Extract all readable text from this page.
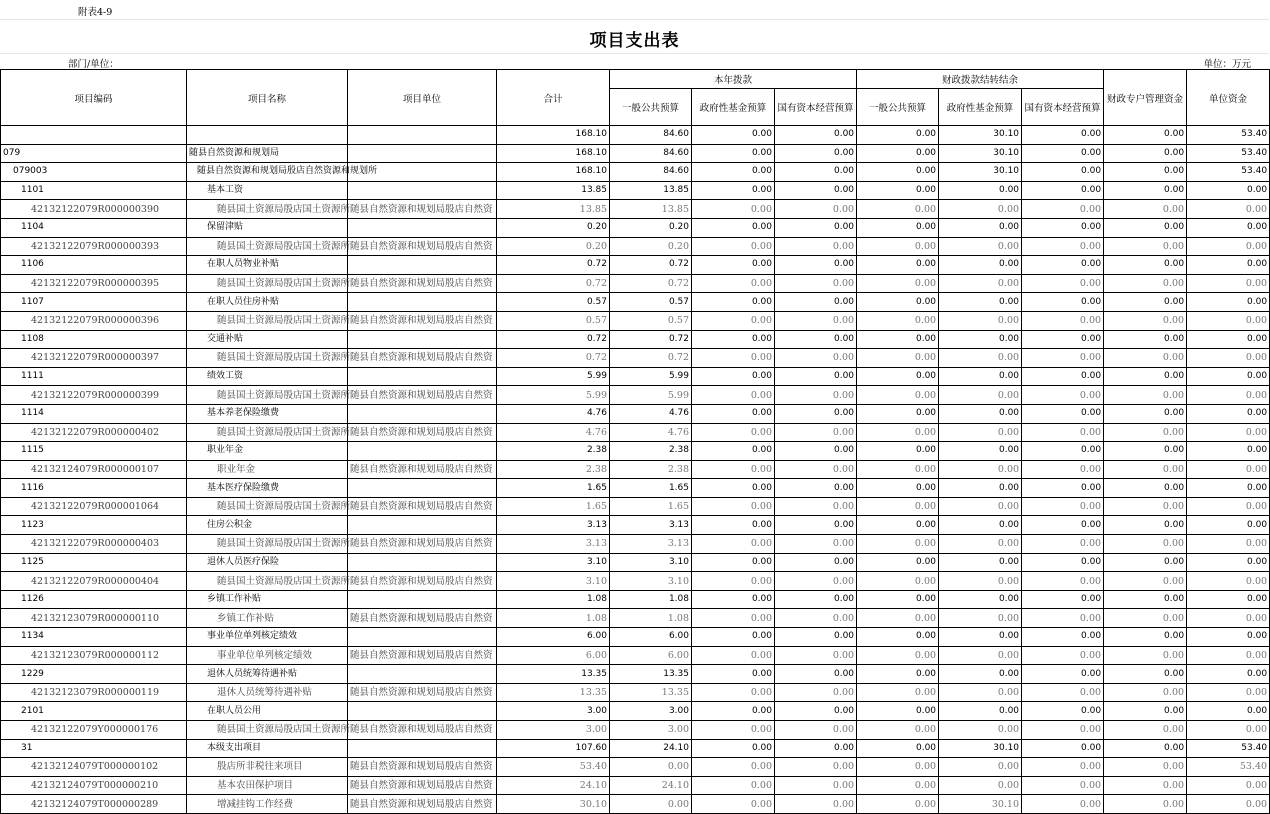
附表4-9
项目支出表
部门/单位：	单位：万元
项目编码	项目名称	项目单位	合计	本年拨款			财政拨款结转结余			财政专户管理资金	单位资金
				一般公共预算	政府性基金预算	国有资本经营预算	一般公共预算	政府性基金预算	国有资本经营预算		
			168.10	84.60	0.00	0.00	0.00	30.10	0.00	0.00	53.40
079	随县自然资源和规划局		168.10	84.60	0.00	0.00	0.00	30.10	0.00	0.00	53.40
079003	随县自然资源和规划局殷店自然资源和规划所		168.10	84.60	0.00	0.00	0.00	30.10	0.00	0.00	53.40
1101	基本工资		13.85	13.85	0.00	0.00	0.00	0.00	0.00	0.00	0.00
42132122079R000000390	随县国土资源局殷店国土资源所	随县自然资源和规划局殷店自然资	13.85	13.85	0.00	0.00	0.00	0.00	0.00	0.00	0.00
1104	保留津贴		0.20	0.20	0.00	0.00	0.00	0.00	0.00	0.00	0.00
42132122079R000000393	随县国土资源局殷店国土资源所	随县自然资源和规划局殷店自然资	0.20	0.20	0.00	0.00	0.00	0.00	0.00	0.00	0.00
1106	在职人员物业补贴		0.72	0.72	0.00	0.00	0.00	0.00	0.00	0.00	0.00
42132122079R000000395	随县国土资源局殷店国土资源所	随县自然资源和规划局殷店自然资	0.72	0.72	0.00	0.00	0.00	0.00	0.00	0.00	0.00
1107	在职人员住房补贴		0.57	0.57	0.00	0.00	0.00	0.00	0.00	0.00	0.00
42132122079R000000396	随县国土资源局殷店国土资源所	随县自然资源和规划局殷店自然资	0.57	0.57	0.00	0.00	0.00	0.00	0.00	0.00	0.00
1108	交通补贴		0.72	0.72	0.00	0.00	0.00	0.00	0.00	0.00	0.00
42132122079R000000397	随县国土资源局殷店国土资源所	随县自然资源和规划局殷店自然资	0.72	0.72	0.00	0.00	0.00	0.00	0.00	0.00	0.00
1111	绩效工资		5.99	5.99	0.00	0.00	0.00	0.00	0.00	0.00	0.00
42132122079R000000399	随县国土资源局殷店国土资源所	随县自然资源和规划局殷店自然资	5.99	5.99	0.00	0.00	0.00	0.00	0.00	0.00	0.00
1114	基本养老保险缴费		4.76	4.76	0.00	0.00	0.00	0.00	0.00	0.00	0.00
42132122079R000000402	随县国土资源局殷店国土资源所	随县自然资源和规划局殷店自然资	4.76	4.76	0.00	0.00	0.00	0.00	0.00	0.00	0.00
1115	职业年金		2.38	2.38	0.00	0.00	0.00	0.00	0.00	0.00	0.00
42132124079R000000107	职业年金	随县自然资源和规划局殷店自然资	2.38	2.38	0.00	0.00	0.00	0.00	0.00	0.00	0.00
1116	基本医疗保险缴费		1.65	1.65	0.00	0.00	0.00	0.00	0.00	0.00	0.00
42132122079R000001064	随县国土资源局殷店国土资源所	随县自然资源和规划局殷店自然资	1.65	1.65	0.00	0.00	0.00	0.00	0.00	0.00	0.00
1123	住房公积金		3.13	3.13	0.00	0.00	0.00	0.00	0.00	0.00	0.00
42132122079R000000403	随县国土资源局殷店国土资源所	随县自然资源和规划局殷店自然资	3.13	3.13	0.00	0.00	0.00	0.00	0.00	0.00	0.00
1125	退休人员医疗保险		3.10	3.10	0.00	0.00	0.00	0.00	0.00	0.00	0.00
42132122079R000000404	随县国土资源局殷店国土资源所	随县自然资源和规划局殷店自然资	3.10	3.10	0.00	0.00	0.00	0.00	0.00	0.00	0.00
1126	乡镇工作补贴		1.08	1.08	0.00	0.00	0.00	0.00	0.00	0.00	0.00
42132123079R000000110	乡镇工作补贴	随县自然资源和规划局殷店自然资	1.08	1.08	0.00	0.00	0.00	0.00	0.00	0.00	0.00
1134	事业单位单列核定绩效		6.00	6.00	0.00	0.00	0.00	0.00	0.00	0.00	0.00
42132123079R000000112	事业单位单列核定绩效	随县自然资源和规划局殷店自然资	6.00	6.00	0.00	0.00	0.00	0.00	0.00	0.00	0.00
1229	退休人员统筹待遇补贴		13.35	13.35	0.00	0.00	0.00	0.00	0.00	0.00	0.00
42132123079R000000119	退休人员统筹待遇补贴	随县自然资源和规划局殷店自然资	13.35	13.35	0.00	0.00	0.00	0.00	0.00	0.00	0.00
2101	在职人员公用		3.00	3.00	0.00	0.00	0.00	0.00	0.00	0.00	0.00
42132122079Y000000176	随县国土资源局殷店国土资源所	随县自然资源和规划局殷店自然资	3.00	3.00	0.00	0.00	0.00	0.00	0.00	0.00	0.00
31	本级支出项目		107.60	24.10	0.00	0.00	0.00	30.10	0.00	0.00	53.40
42132124079T000000102	殷店所非税往来项目	随县自然资源和规划局殷店自然资	53.40	0.00	0.00	0.00	0.00	0.00	0.00	0.00	53.40
42132124079T000000210	基本农田保护项目	随县自然资源和规划局殷店自然资	24.10	24.10	0.00	0.00	0.00	0.00	0.00	0.00	0.00
42132124079T000000289	增减挂钩工作经费	随县自然资源和规划局殷店自然资	30.10	0.00	0.00	0.00	0.00	30.10	0.00	0.00	0.00
